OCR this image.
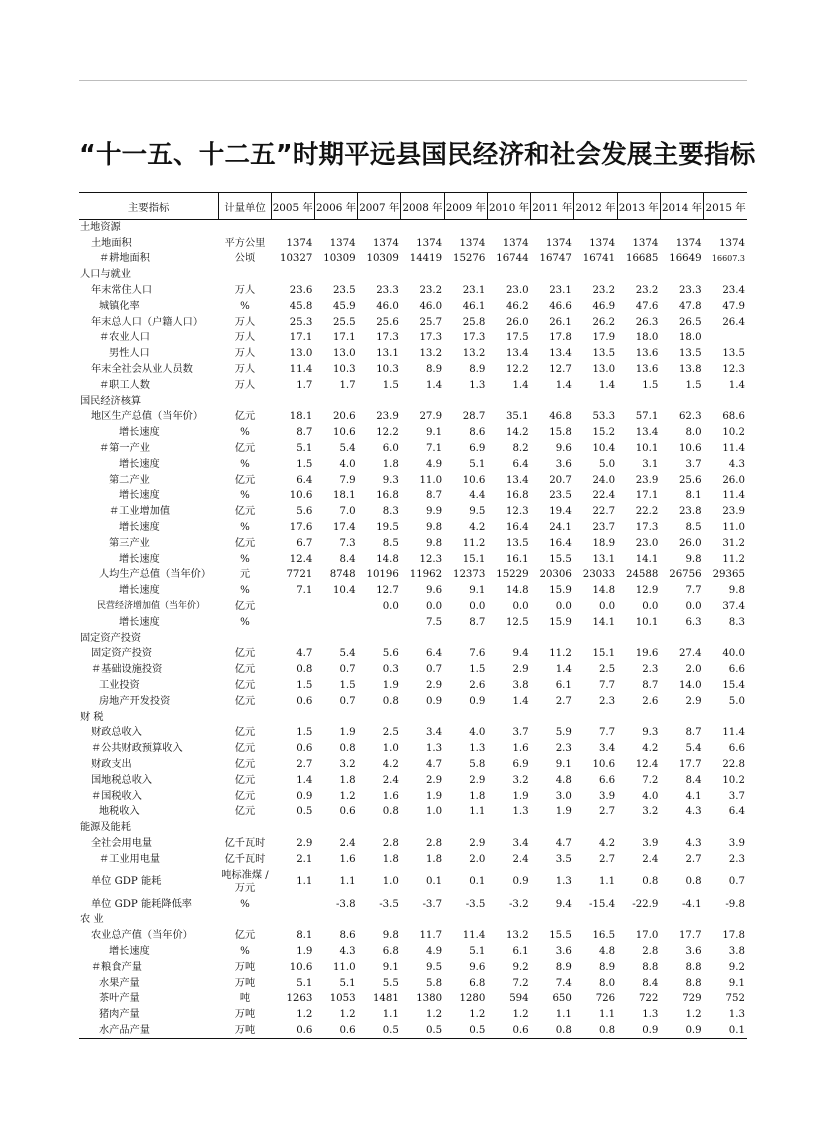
“十一五、十二五”时期平远县国民经济和社会发展主要指标
主要指标	计量单位	2005 年	2006 年	2007 年	2008 年	2009 年	2010 年	2011 年	2012 年	2013 年	2014 年	2015 年
土地资源												
土地面积	平方公里	1374	1374	1374	1374	1374	1374	1374	1374	1374	1374	1374
＃耕地面积	公顷	10327	10309	10309	14419	15276	16744	16747	16741	16685	16649	16607.3
人口与就业												
年末常住人口	万人	23.6	23.5	23.3	23.2	23.1	23.0	23.1	23.2	23.2	23.3	23.4
城镇化率	%	45.8	45.9	46.0	46.0	46.1	46.2	46.6	46.9	47.6	47.8	47.9
年末总人口（户籍人口）	万人	25.3	25.5	25.6	25.7	25.8	26.0	26.1	26.2	26.3	26.5	26.4
＃农业人口	万人	17.1	17.1	17.3	17.3	17.3	17.5	17.8	17.9	18.0	18.0	
男性人口	万人	13.0	13.0	13.1	13.2	13.2	13.4	13.4	13.5	13.6	13.5	13.5
年末全社会从业人员数	万人	11.4	10.3	10.3	8.9	8.9	12.2	12.7	13.0	13.6	13.8	12.3
＃职工人数	万人	1.7	1.7	1.5	1.4	1.3	1.4	1.4	1.4	1.5	1.5	1.4
国民经济核算												
地区生产总值（当年价）	亿元	18.1	20.6	23.9	27.9	28.7	35.1	46.8	53.3	57.1	62.3	68.6
增长速度	%	8.7	10.6	12.2	9.1	8.6	14.2	15.8	15.2	13.4	8.0	10.2
＃第一产业	亿元	5.1	5.4	6.0	7.1	6.9	8.2	9.6	10.4	10.1	10.6	11.4
增长速度	%	1.5	4.0	1.8	4.9	5.1	6.4	3.6	5.0	3.1	3.7	4.3
第二产业	亿元	6.4	7.9	9.3	11.0	10.6	13.4	20.7	24.0	23.9	25.6	26.0
增长速度	%	10.6	18.1	16.8	8.7	4.4	16.8	23.5	22.4	17.1	8.1	11.4
＃工业增加值	亿元	5.6	7.0	8.3	9.9	9.5	12.3	19.4	22.7	22.2	23.8	23.9
增长速度	%	17.6	17.4	19.5	9.8	4.2	16.4	24.1	23.7	17.3	8.5	11.0
第三产业	亿元	6.7	7.3	8.5	9.8	11.2	13.5	16.4	18.9	23.0	26.0	31.2
增长速度	%	12.4	8.4	14.8	12.3	15.1	16.1	15.5	13.1	14.1	9.8	11.2
人均生产总值（当年价）	元	7721	8748	10196	11962	12373	15229	20306	23033	24588	26756	29365
增长速度	%	7.1	10.4	12.7	9.6	9.1	14.8	15.9	14.8	12.9	7.7	9.8
民营经济增加值（当年价）	亿元			0.0	0.0	0.0	0.0	0.0	0.0	0.0	0.0	37.4
增长速度	%				7.5	8.7	12.5	15.9	14.1	10.1	6.3	8.3
固定资产投资												
固定资产投资	亿元	4.7	5.4	5.6	6.4	7.6	9.4	11.2	15.1	19.6	27.4	40.0
＃基础设施投资	亿元	0.8	0.7	0.3	0.7	1.5	2.9	1.4	2.5	2.3	2.0	6.6
工业投资	亿元	1.5	1.5	1.9	2.9	2.6	3.8	6.1	7.7	8.7	14.0	15.4
房地产开发投资	亿元	0.6	0.7	0.8	0.9	0.9	1.4	2.7	2.3	2.6	2.9	5.0
财 税												
财政总收入	亿元	1.5	1.9	2.5	3.4	4.0	3.7	5.9	7.7	9.3	8.7	11.4
＃公共财政预算收入	亿元	0.6	0.8	1.0	1.3	1.3	1.6	2.3	3.4	4.2	5.4	6.6
财政支出	亿元	2.7	3.2	4.2	4.7	5.8	6.9	9.1	10.6	12.4	17.7	22.8
国地税总收入	亿元	1.4	1.8	2.4	2.9	2.9	3.2	4.8	6.6	7.2	8.4	10.2
＃国税收入	亿元	0.9	1.2	1.6	1.9	1.8	1.9	3.0	3.9	4.0	4.1	3.7
地税收入	亿元	0.5	0.6	0.8	1.0	1.1	1.3	1.9	2.7	3.2	4.3	6.4
能源及能耗												
全社会用电量	亿千瓦时	2.9	2.4	2.8	2.8	2.9	3.4	4.7	4.2	3.9	4.3	3.9
＃工业用电量	亿千瓦时	2.1	1.6	1.8	1.8	2.0	2.4	3.5	2.7	2.4	2.7	2.3
单位 GDP 能耗	吨标准煤 / 万元	1.1	1.1	1.0	0.1	0.1	0.9	1.3	1.1	0.8	0.8	0.7
单位 GDP 能耗降低率	%		-3.8	-3.5	-3.7	-3.5	-3.2	9.4	-15.4	-22.9	-4.1	-9.8
农 业												
农业总产值（当年价）	亿元	8.1	8.6	9.8	11.7	11.4	13.2	15.5	16.5	17.0	17.7	17.8
增长速度	%	1.9	4.3	6.8	4.9	5.1	6.1	3.6	4.8	2.8	3.6	3.8
＃粮食产量	万吨	10.6	11.0	9.1	9.5	9.6	9.2	8.9	8.9	8.8	8.8	9.2
水果产量	万吨	5.1	5.1	5.5	5.8	6.8	7.2	7.4	8.0	8.4	8.8	9.1
茶叶产量	吨	1263	1053	1481	1380	1280	594	650	726	722	729	752
猪肉产量	万吨	1.2	1.2	1.1	1.2	1.2	1.2	1.1	1.1	1.3	1.2	1.3
水产品产量	万吨	0.6	0.6	0.5	0.5	0.5	0.6	0.8	0.8	0.9	0.9	0.1
